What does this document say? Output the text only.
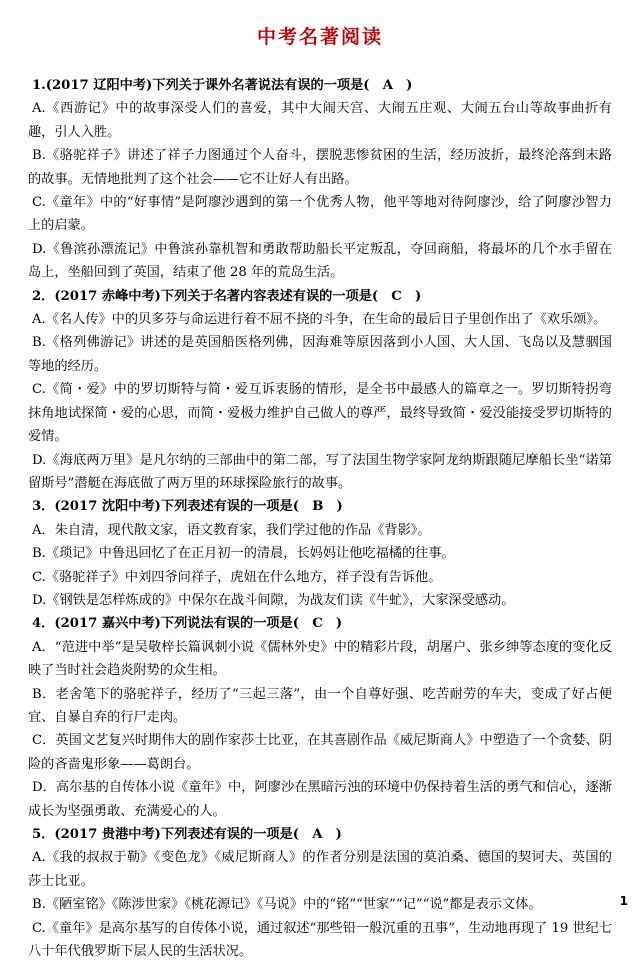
中考名著阅读

1.(2017 辽阳中考)下列关于课外名著说法有误的一项是(　A　)

A.《西游记》中的故事深受人们的喜爱，其中大闹天宫、大闹五庄观、大闹五台山等故事曲折有趣，引人入胜。

B.《骆驼祥子》讲述了祥子力图通过个人奋斗，摆脱悲惨贫困的生活，经历波折，最终沦落到末路的故事。无情地批判了这个社会——它不让好人有出路。

C.《童年》中的“好事情”是阿廖沙遇到的第一个优秀人物，他平等地对待阿廖沙，给了阿廖沙智力上的启蒙。

D.《鲁滨孙漂流记》中鲁滨孙靠机智和勇敢帮助船长平定叛乱，夺回商船，将最坏的几个水手留在岛上，坐船回到了英国，结束了他 28 年的荒岛生活。

2．(2017 赤峰中考)下列关于名著内容表述有误的一项是(　C　)

A.《名人传》中的贝多芬与命运进行着不屈不挠的斗争，在生命的最后日子里创作出了《欢乐颂》。

B.《格列佛游记》讲述的是英国船医格列佛，因海难等原因落到小人国、大人国、飞岛以及慧骃国等地的经历。

C.《简・爱》中的罗切斯特与简・爱互诉衷肠的情形，是全书中最感人的篇章之一。罗切斯特拐弯抹角地试探简・爱的心思，而简・爱极力维护自己做人的尊严，最终导致简・爱没能接受罗切斯特的爱情。

D.《海底两万里》是凡尔纳的三部曲中的第二部，写了法国生物学家阿龙纳斯跟随尼摩船长坐“诺第留斯号”潜艇在海底做了两万里的环球探险旅行的故事。

3．(2017 沈阳中考)下列表述有误的一项是(　B　)

A．朱自清，现代散文家，语文教育家，我们学过他的作品《背影》。

B.《琐记》中鲁迅回忆了在正月初一的清晨，长妈妈让他吃福橘的往事。

C.《骆驼祥子》中刘四爷问祥子，虎妞在什么地方，祥子没有告诉他。

D.《钢铁是怎样炼成的》中保尔在战斗间隙，为战友们读《牛虻》，大家深受感动。

4．(2017 嘉兴中考)下列说法有误的一项是(　C　)

A．“范进中举”是吴敬梓长篇讽刺小说《儒林外史》中的精彩片段，胡屠户、张乡绅等态度的变化反映了当时社会趋炎附势的众生相。

B．老舍笔下的骆驼祥子，经历了“三起三落”，由一个自尊好强、吃苦耐劳的车夫，变成了好占便宜、自暴自弃的行尸走肉。

C．英国文艺复兴时期伟大的剧作家莎士比亚，在其喜剧作品《威尼斯商人》中塑造了一个贪婪、阴险的吝啬鬼形象——葛朗台。

D．高尔基的自传体小说《童年》中，阿廖沙在黑暗污浊的环境中仍保持着生活的勇气和信心，逐渐成长为坚强勇敢、充满爱心的人。

5．(2017 贵港中考)下列表述有误的一项是(　A　)

A.《我的叔叔于勒》《变色龙》《威尼斯商人》的作者分别是法国的莫泊桑、德国的契诃夫、英国的莎士比亚。

B.《陋室铭》《陈涉世家》《桃花源记》《马说》中的“铭”“世家”“记”“说”都是表示文体。

C.《童年》是高尔基写的自传体小说，通过叙述“那些铅一般沉重的丑事”，生动地再现了 19 世纪七八十年代俄罗斯下层人民的生活状况。

1
